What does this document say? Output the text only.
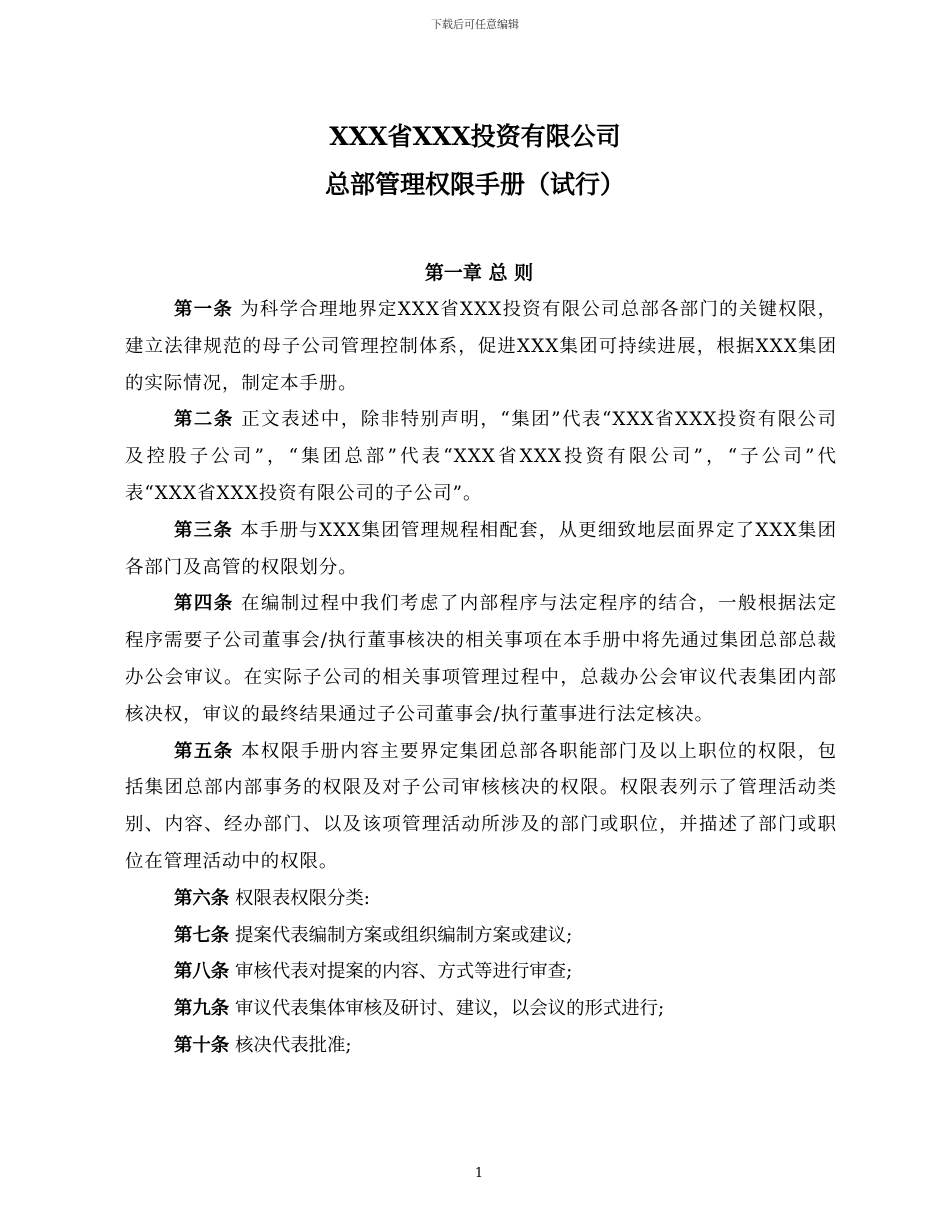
下载后可任意编辑
XXX省XXX投资有限公司
总部管理权限手册（试行）
第一章 总 则

第一条 为科学合理地界定XXX省XXX投资有限公司总部各部门的关键权限，建立法律规范的母子公司管理控制体系，促进XXX集团可持续进展，根据XXX集团的实际情况，制定本手册。

第二条 正文表述中，除非特别声明，“集团”代表“XXX省XXX投资有限公司及控股子公司”，“集团总部”代表“XXX省XXX投资有限公司”，“子公司”代表“XXX省XXX投资有限公司的子公司”。

第三条 本手册与XXX集团管理规程相配套，从更细致地层面界定了XXX集团各部门及高管的权限划分。

第四条 在编制过程中我们考虑了内部程序与法定程序的结合，一般根据法定程序需要子公司董事会/执行董事核决的相关事项在本手册中将先通过集团总部总裁办公会审议。在实际子公司的相关事项管理过程中，总裁办公会审议代表集团内部核决权，审议的最终结果通过子公司董事会/执行董事进行法定核决。

第五条 本权限手册内容主要界定集团总部各职能部门及以上职位的权限，包括集团总部内部事务的权限及对子公司审核核决的权限。权限表列示了管理活动类别、内容、经办部门、以及该项管理活动所涉及的部门或职位，并描述了部门或职位在管理活动中的权限。

第六条 权限表权限分类:

第七条 提案代表编制方案或组织编制方案或建议;

第八条 审核代表对提案的内容、方式等进行审查;

第九条 审议代表集体审核及研讨、建议，以会议的形式进行;

第十条 核决代表批准;

1
